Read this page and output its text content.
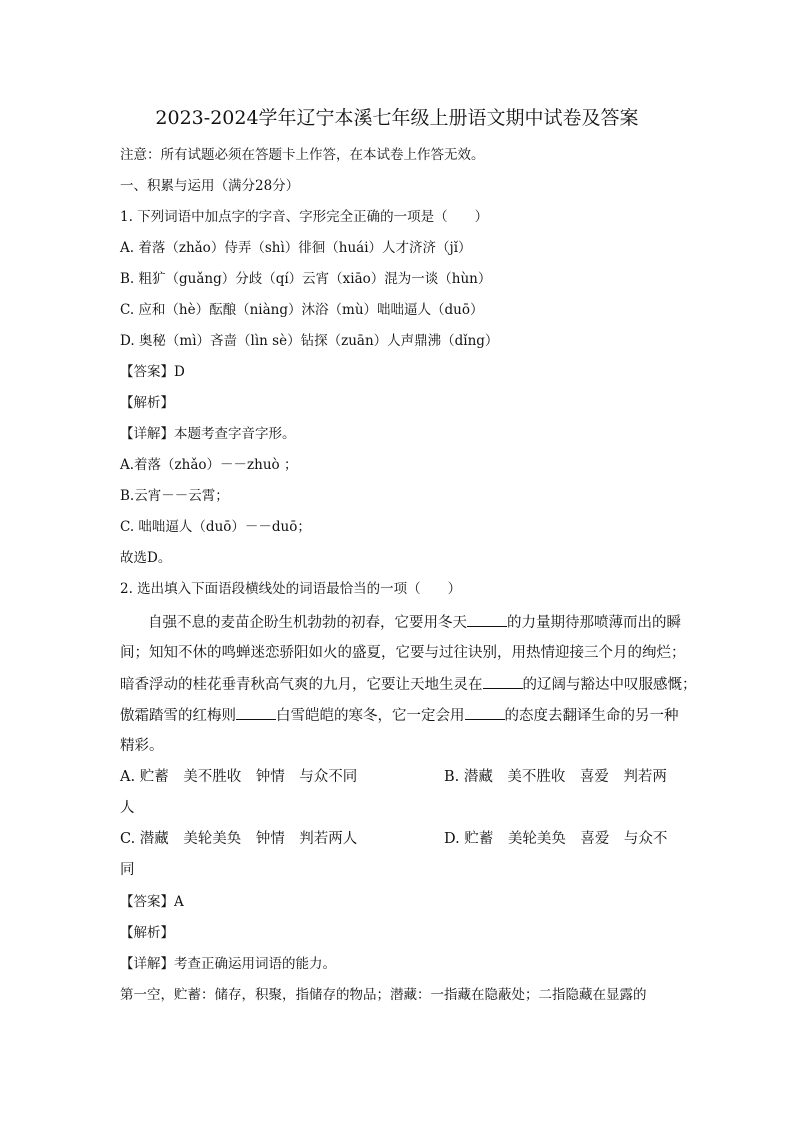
2023-2024学年辽宁本溪七年级上册语文期中试卷及答案
注意：所有试题必须在答题卡上作答，在本试卷上作答无效。
一、积累与运用（满分28分）
1. 下列词语中加点字的字音、字形完全正确的一项是（　　）
A. 着落（zhǎo）侍弄（shì）徘徊（huái）人才济济（jǐ）
B. 粗犷（guǎng）分歧（qí）云宵（xiāo）混为一谈（hùn）
C. 应和（hè）酝酿（niàng）沐浴（mù）咄咄逼人（duō）
D. 奥秘（mì）吝啬（lìn sè）钻探（zuān）人声鼎沸（dǐng）
【答案】D
【解析】
【详解】本题考查字音字形。
A.着落（zhǎo）－－zhuò ；
B.云宵－－云霄；
C. 咄咄逼人（duō）－－duō；
故选D。
2. 选出填入下面语段横线处的词语最恰当的一项（　　）
自强不息的麦苗企盼生机勃勃的初春，它要用冬天	的力量期待那喷薄而出的瞬
间；知知不休的鸣蝉迷恋骄阳如火的盛夏，它要与过往诀别，用热情迎接三个月的绚烂；
暗香浮动的桂花垂青秋高气爽的九月，它要让天地生灵在	的辽阔与豁达中叹服感慨；
傲霜踏雪的红梅则	白雪皑皑的寒冬，它一定会用	的态度去翻译生命的另一种
精彩。
A. 贮蓄　美不胜收　钟情　与众不同	B. 潜藏　美不胜收　喜爱　判若两
人
C. 潜藏　美轮美奂　钟情　判若两人	D. 贮蓄　美轮美奂　喜爱　与众不
同
【答案】A
【解析】
【详解】考查正确运用词语的能力。
第一空，贮蓄：储存，积聚，指储存的物品；潜藏：一指藏在隐蔽处；二指隐藏在显露的
